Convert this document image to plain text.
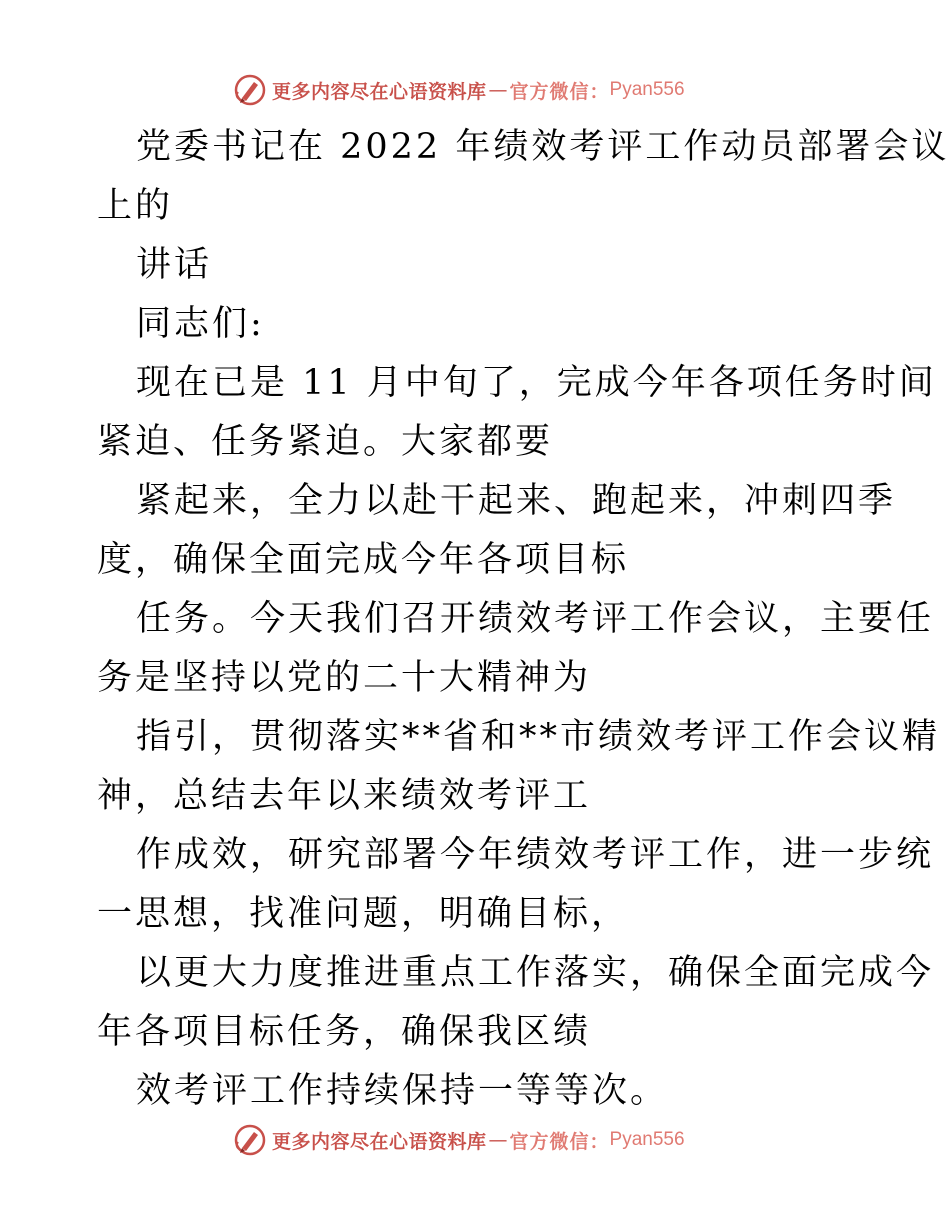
更多内容尽在心语资料库 — 官方微信： Pyan556
党委书记在 2022 年绩效考评工作动员部署会议
上的
讲话
同志们:
现在已是 11 月中旬了，完成今年各项任务时间
紧迫、任务紧迫。大家都要
紧起来，全力以赴干起来、跑起来，冲刺四季
度，确保全面完成今年各项目标
任务。今天我们召开绩效考评工作会议，主要任
务是坚持以党的二十大精神为
指引，贯彻落实**省和**市绩效考评工作会议精
神，总结去年以来绩效考评工
作成效，研究部署今年绩效考评工作，进一步统
一思想，找准问题，明确目标，
以更大力度推进重点工作落实，确保全面完成今
年各项目标任务，确保我区绩
效考评工作持续保持一等等次。
更多内容尽在心语资料库 — 官方微信： Pyan556
